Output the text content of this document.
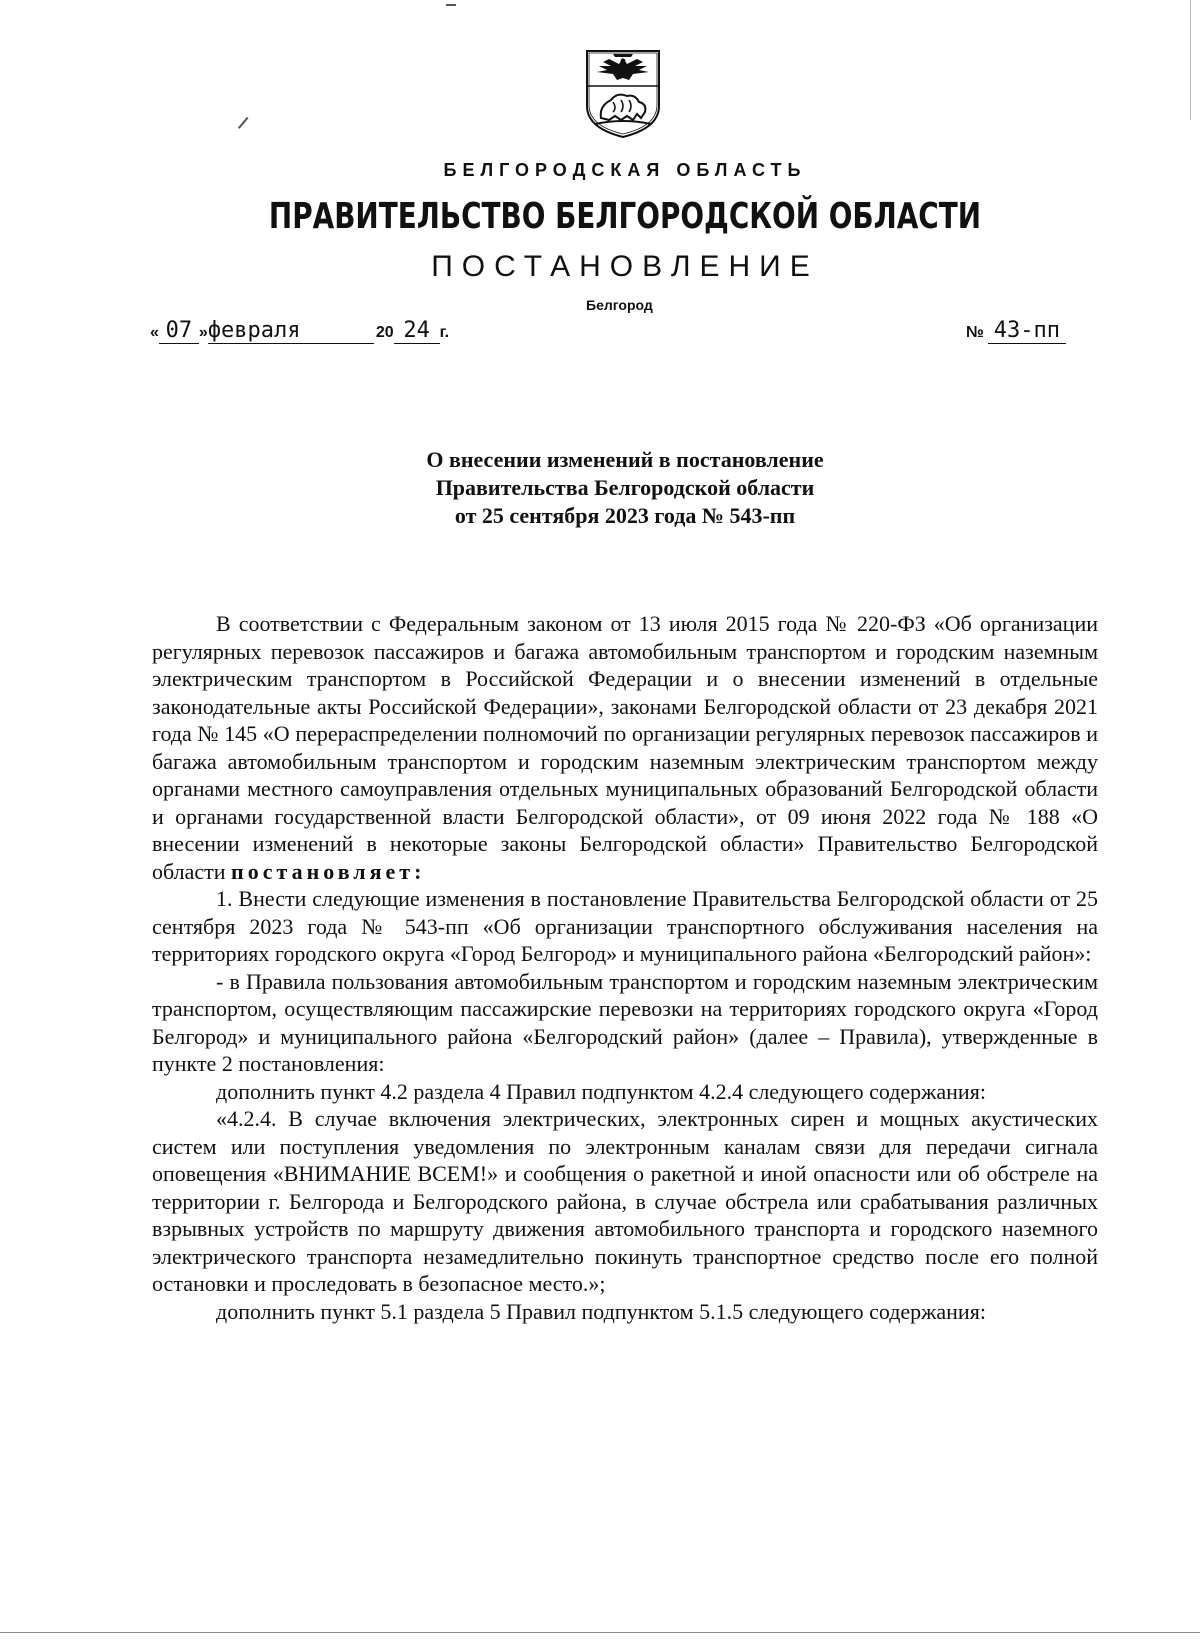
БЕЛГОРОДСКАЯ ОБЛАСТЬ
ПРАВИТЕЛЬСТВО БЕЛГОРОДСКОЙ ОБЛАСТИ
ПОСТАНОВЛЕНИЕ
Белгород
« 07 »февраля	20 24 г.	№ 43-пп
О внесении изменений в постановление
Правительства Белгородской области
от 25 сентября 2023 года № 543-пп

В соответствии с Федеральным законом от 13 июля 2015 года № 220-ФЗ «Об организации регулярных перевозок пассажиров и багажа автомобильным транспортом и городским наземным электрическим транспортом в Российской Федерации и о внесении изменений в отдельные законодательные акты Российской Федерации», законами Белгородской области от 23 декабря 2021 года № 145 «О перераспределении полномочий по организации регулярных перевозок пассажиров и багажа автомобильным транспортом и городским наземным электрическим транспортом между органами местного самоуправления отдельных муниципальных образований Белгородской области и органами государственной власти Белгородской области», от 09 июня 2022 года № 188 «О внесении изменений в некоторые законы Белгородской области» Правительство Белгородской области постановляет:

1. Внести следующие изменения в постановление Правительства Белгородской области от 25 сентября 2023 года № 543-пп «Об организации транспортного обслуживания населения на территориях городского округа «Город Белгород» и муниципального района «Белгородский район»:

- в Правила пользования автомобильным транспортом и городским наземным электрическим транспортом, осуществляющим пассажирские перевозки на территориях городского округа «Город Белгород» и муниципального района «Белгородский район» (далее – Правила), утвержденные в пункте 2 постановления:

дополнить пункт 4.2 раздела 4 Правил подпунктом 4.2.4 следующего содержания:

«4.2.4. В случае включения электрических, электронных сирен и мощных акустических систем или поступления уведомления по электронным каналам связи для передачи сигнала оповещения «ВНИМАНИЕ ВСЕМ!» и сообщения о ракетной и иной опасности или об обстреле на территории г. Белгорода и Белгородского района, в случае обстрела или срабатывания различных взрывных устройств по маршруту движения автомобильного транспорта и городского наземного электрического транспорта незамедлительно покинуть транспортное средство после его полной остановки и проследовать в безопасное место.»;

дополнить пункт 5.1 раздела 5 Правил подпунктом 5.1.5 следующего содержания:
